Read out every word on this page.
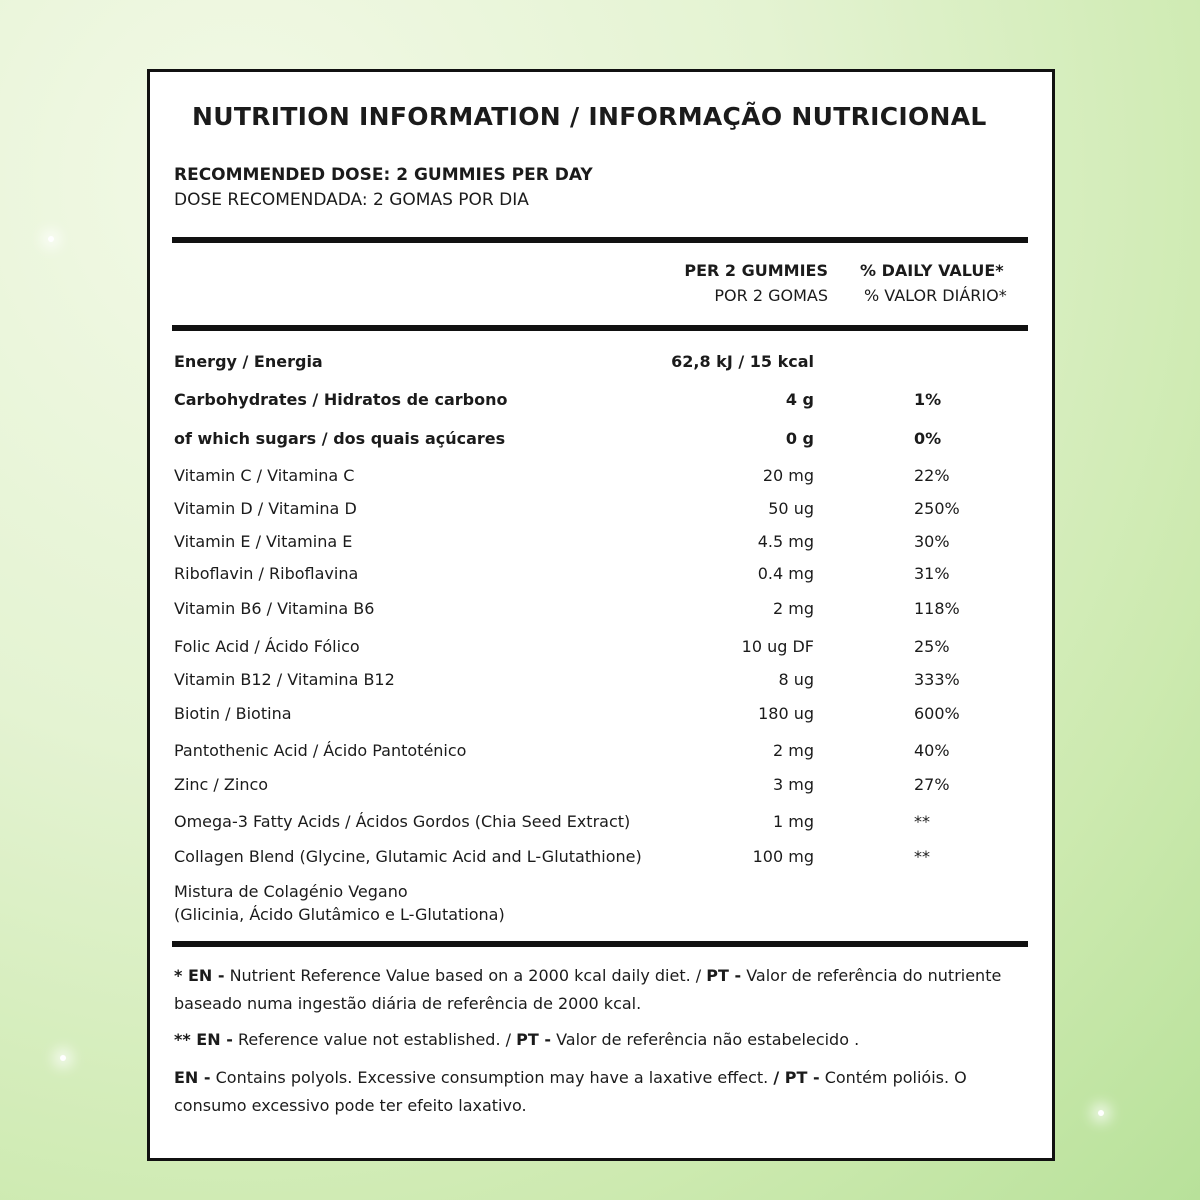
NUTRITION INFORMATION / INFORMAÇÃO NUTRICIONAL
RECOMMENDED DOSE: 2 GUMMIES PER DAY
DOSE RECOMENDADA: 2 GOMAS POR DIA
PER 2 GUMMIES
POR 2 GOMAS
% DAILY VALUE*
% VALOR DIÁRIO*
Energy / Energia	62,8 kJ / 15 kcal
Carbohydrates / Hidratos de carbono	4 g	1%
of which sugars / dos quais açúcares	0 g	0%
Vitamin C / Vitamina C	20 mg	22%
Vitamin D / Vitamina D	50 ug	250%
Vitamin E / Vitamina E	4.5 mg	30%
Riboflavin / Riboflavina	0.4 mg	31%
Vitamin B6 / Vitamina B6	2 mg	118%
Folic Acid / Ácido Fólico	10 ug DF	25%
Vitamin B12 / Vitamina B12	8 ug	333%
Biotin / Biotina	180 ug	600%
Pantothenic Acid / Ácido Pantoténico	2 mg	40%
Zinc / Zinco	3 mg	27%
Omega-3 Fatty Acids / Ácidos Gordos (Chia Seed Extract)	1 mg	**
Collagen Blend (Glycine, Glutamic Acid and L-Glutathione)	100 mg	**
Mistura de Colagénio Vegano
(Glicinia, Ácido Glutâmico e L-Glutationa)
* EN - Nutrient Reference Value based on a 2000 kcal daily diet. / PT - Valor de referência do nutriente baseado numa ingestão diária de referência de 2000 kcal.
** EN - Reference value not established. / PT - Valor de referência não estabelecido .
EN - Contains polyols. Excessive consumption may have a laxative effect. / PT - Contém polióis. O consumo excessivo pode ter efeito laxativo.
